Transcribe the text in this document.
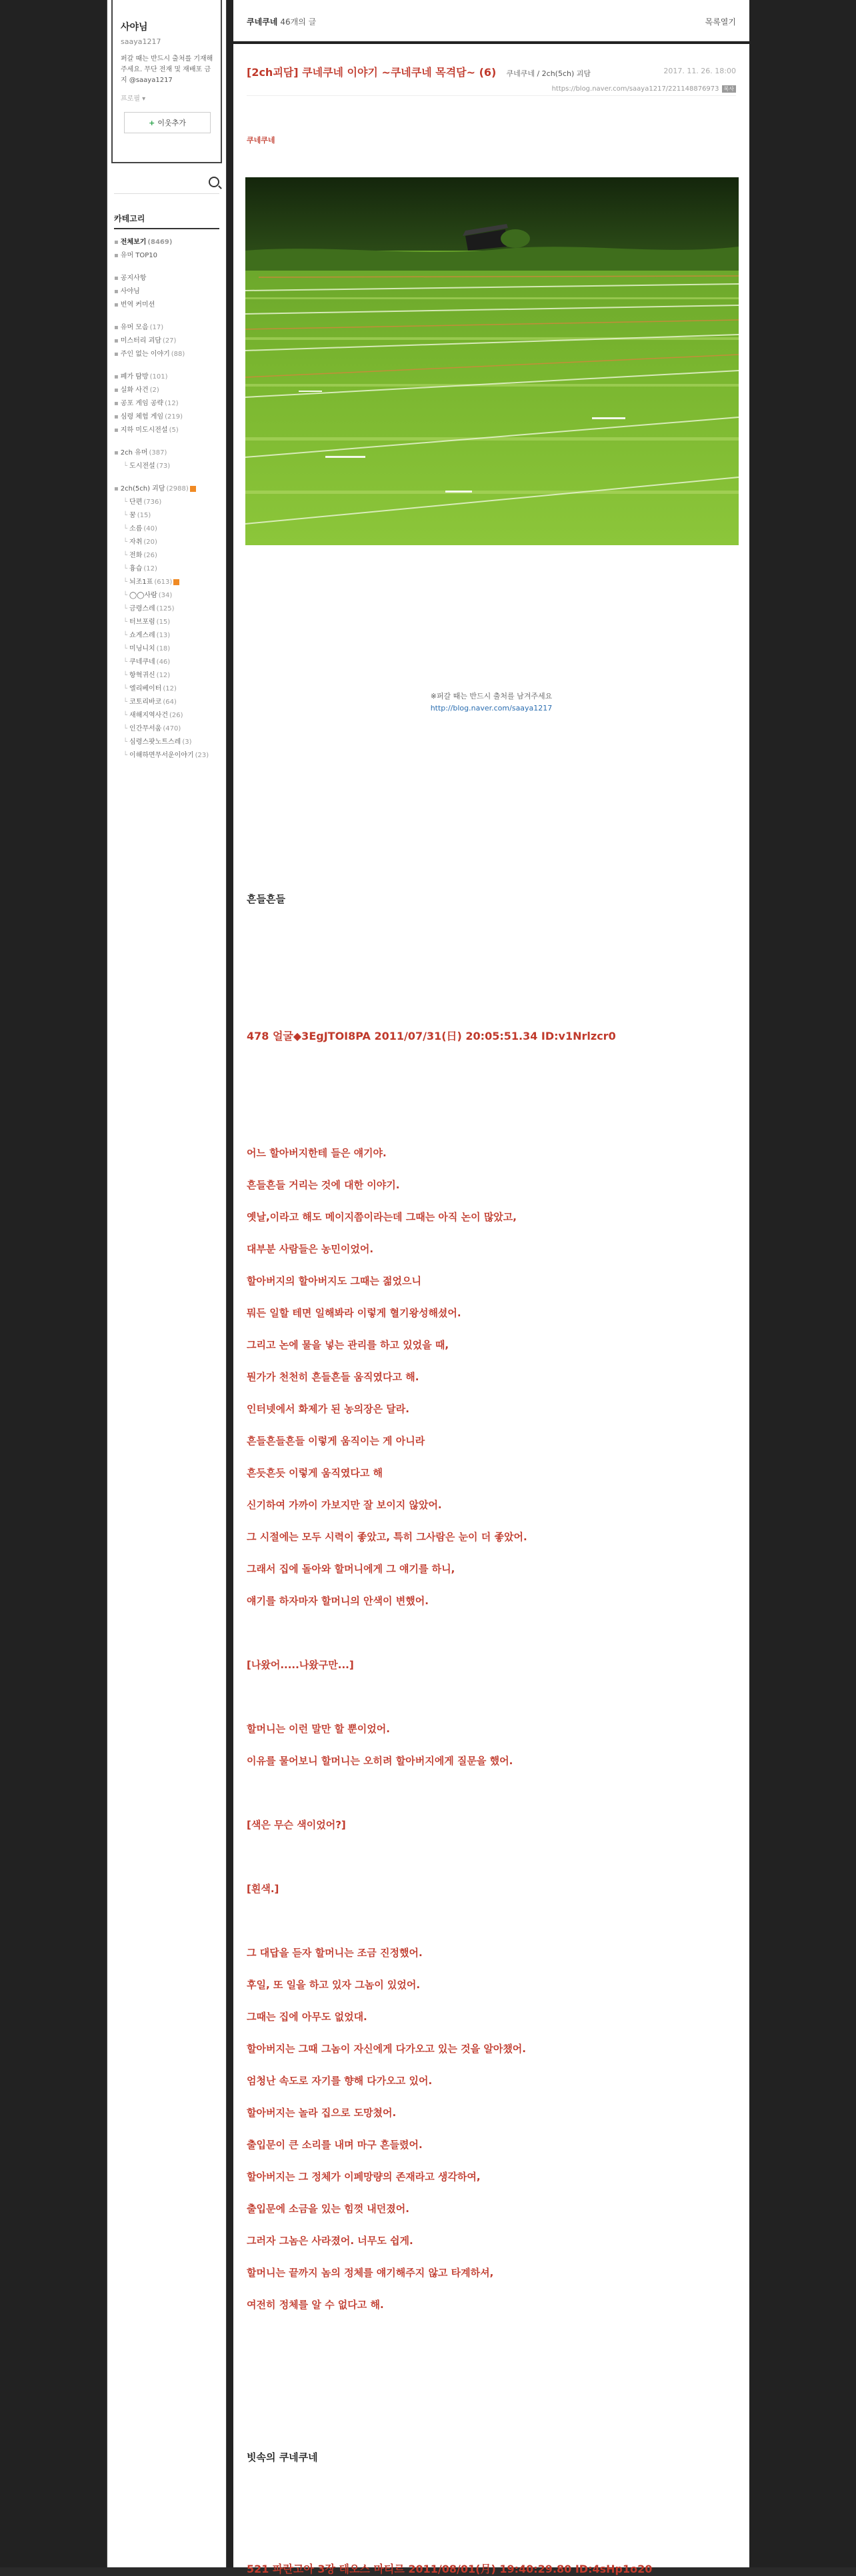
사야님
saaya1217
퍼갈 때는 반드시 출처를 기재해 주세요. 무단 전재 및 재배포 금지 @saaya1217
프로필 ▾
+ 이웃추가
카테고리
▪ 전체보기 (8469)
▪ 유머 TOP10
▪ 공지사항
▪ 사야님
▪ 번역 커미션
▪ 유머 모음 (17)
▪ 미스터리 괴담 (27)
▪ 주인 없는 이야기 (88)
▪ 폐가 탐방 (101)
▪ 실화 사건 (2)
▪ 공포 게임 공략 (12)
▪ 심령 체험 게임 (219)
▪ 지하 미도시전설 (5)
▪ 2ch 유머 (387)
└ 도시전설 (73)
▪ 2ch(5ch) 괴담 (2988)
└ 단편 (736)
└ 꿈 (15)
└ 소름 (40)
└ 자취 (20)
└ 전화 (26)
└ 흉습 (12)
└ 뇌조1표 (613)
└ ◯◯사람 (34)
└ 금령스레 (125)
└ 터브포럼 (15)
└ 쇼게스레 (13)
└ 미닝니치 (18)
└ 쿠네쿠네 (46)
└ 항혁귀신 (12)
└ 엘리베이터 (12)
└ 코토리바코 (64)
└ 새해지역사건 (26)
└ 인간무서움 (470)
└ 심령스팟노트스레 (3)
└ 이해하면무서운이야기 (23)
쿠네쿠네 46개의 글	목록열기
[2ch괴담] 쿠네쿠네 이야기 ~쿠네쿠네 목격담~ (6) 쿠네쿠네 / 2ch(5ch) 괴담	2017. 11. 26. 18:00
https://blog.naver.com/saaya1217/221148876973 복사
쿠네쿠네
※퍼갈 때는 반드시 출처를 남겨주세요
http://blog.naver.com/saaya1217
흔들흔들
478 얼굴◆3EgJTOI8PA 2011/07/31(日) 20:05:51.34 ID:v1Nrlzcr0
어느 할아버지한테 들은 얘기야.
흔들흔들 거리는 것에 대한 이야기.
옛날,이라고 해도 메이지쯤이라는데 그때는 아직 논이 많았고,
대부분 사람들은 농민이었어.
할아버지의 할아버지도 그때는 젊었으니
뭐든 일할 테면 일해봐라 이렇게 혈기왕성해셨어.
그리고 논에 물을 넣는 관리를 하고 있었을 때,
뭔가가 천천히 흔들흔들 움직였다고 해.
인터넷에서 화제가 된 농의장은 달라.
흔들흔들흔들 이렇게 움직이는 게 아니라
흔듯흔듯 이렇게 움직였다고 해
신기하여 가까이 가보지만 잘 보이지 않았어.
그 시절에는 모두 시력이 좋았고, 특히 그사람은 눈이 더 좋았어.
그래서 집에 돌아와 할머니에게 그 얘기를 하니,
얘기를 하자마자 할머니의 안색이 변했어.
[나왔어.....나왔구만...]
할머니는 이런 말만 할 뿐이었어.
이유를 물어보니 할머니는 오히려 할아버지에게 질문을 했어.
[색은 무슨 색이었어?]
[흰색.]
그 대답을 듣자 할머니는 조금 진정했어.
후일, 또 일을 하고 있자 그놈이 있었어.
그때는 집에 아무도 없었대.
할아버지는 그때 그놈이 자신에게 다가오고 있는 것을 알아챘어.
엄청난 속도로 자기를 향해 다가오고 있어.
할아버지는 놀라 집으로 도망쳤어.
출입문이 큰 소리를 내며 마구 흔들렸어.
할아버지는 그 정체가 이페망량의 존재라고 생각하여,
출입문에 소금을 있는 힘껏 내던졌어.
그러자 그놈은 사라졌어. 너무도 쉽게.
할머니는 끝까지 놈의 정체를 얘기해주지 않고 타계하셔,
여전히 정체를 알 수 없다고 해.
빗속의 쿠네쿠네
521 파란고아 3장 테오스 마티르 2011/08/01(月) 19:40:29.80 ID:4sHp1o20
